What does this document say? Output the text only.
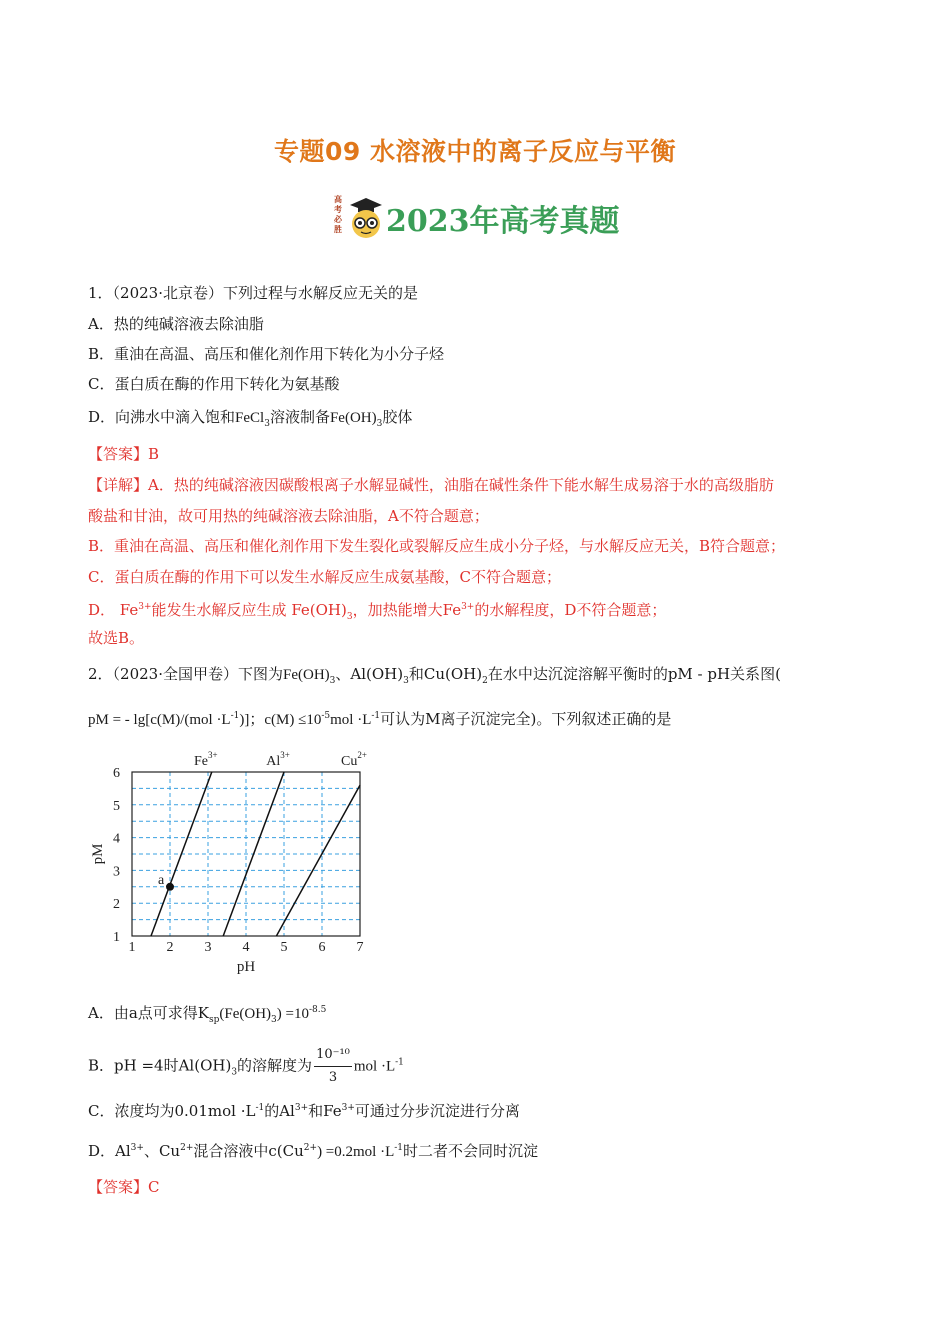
专题09 水溶液中的离子反应与平衡
高考必胜 2023年高考真题
1．（2023·北京卷）下列过程与水解反应无关的是
A．热的纯碱溶液去除油脂
B．重油在高温、高压和催化剂作用下转化为小分子烃
C．蛋白质在酶的作用下转化为氨基酸
D．向沸水中滴入饱和FeCl$_3$溶液制备$Fe(OH)_3$胶体
【答案】B
【详解】A．热的纯碱溶液因碳酸根离子水解显碱性，油脂在碱性条件下能水解生成易溶于水的高级脂肪
酸盐和甘油，故可用热的纯碱溶液去除油脂，A不符合题意；
B．重油在高温、高压和催化剂作用下发生裂化或裂解反应生成小分子烃，与水解反应无关，B符合题意；
C．蛋白质在酶的作用下可以发生水解反应生成氨基酸，C不符合题意；
D． $Fe^{3+}$能发生水解反应生成 $Fe(OH)_3$，加热能增大$Fe^{3+}$的水解程度，D不符合题意；
故选B。
2．（2023·全国甲卷）下图为$Fe(OH)_3$、$Al(OH)_3$和$Cu(OH)_2$在水中达沉淀溶解平衡时的pM - pH关系图(
pM = - $\lg[c(M)/(mol \cdot L^{-1})]$；$c(M) \le 10^{-5}mol \cdot L^{-1}$可认为M离子沉淀完全)。下列叙述正确的是
1 2 3 4 5 6 7
1
2
3
4
5
6
pH
pM
$Fe^{3+}$	$Al^{3+}$	$Cu^{2+}$
a
A．由a点可求得$K_{sp}(Fe(OH)_3) =10^{-8.5}$
B．pH =4时$Al(OH)_3$的溶解度为 $\frac{\text{10⁻¹⁰}}{3}$ mol $\cdot L^{-1}$
C．浓度均为$0.01mol \cdot L^{-1}$的$Al^{3+}$和$Fe^{3+}$可通过分步沉淀进行分离
D．$Al^{3+}$、$Cu^{2+}$混合溶液中$c(Cu^{2+}) =0.2mol \cdot L^{-1}$时二者不会同时沉淀
【答案】C
